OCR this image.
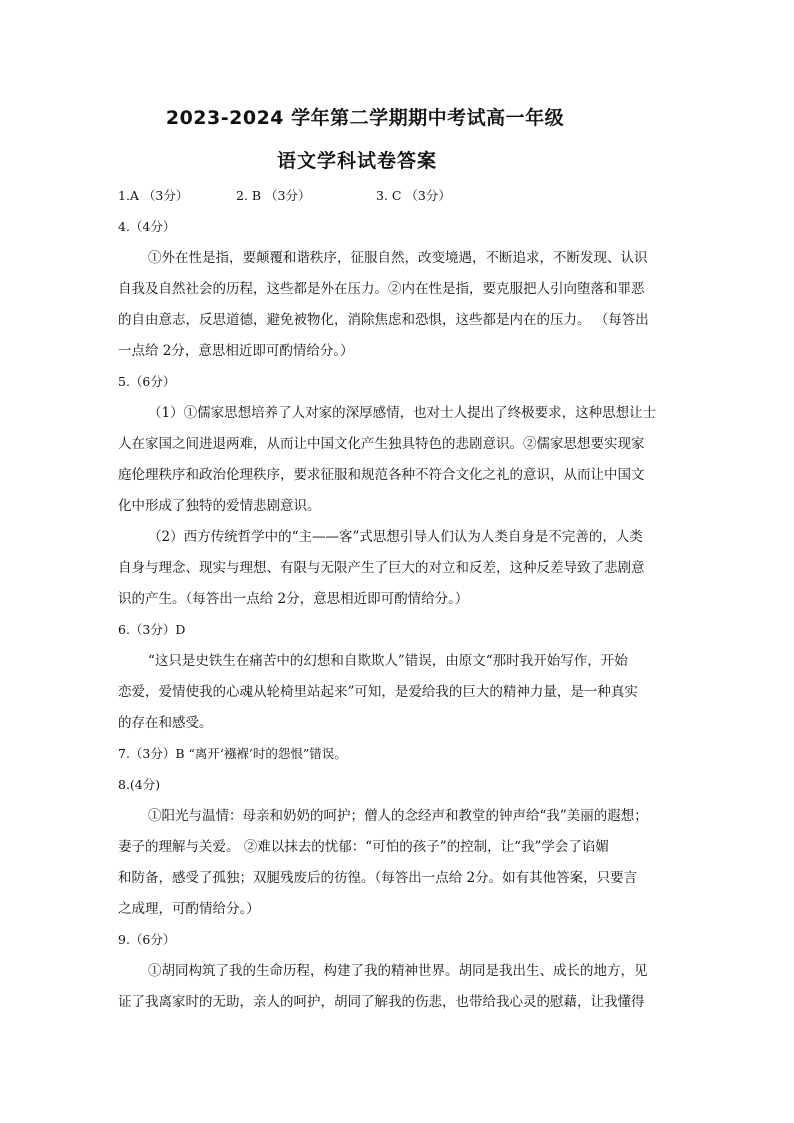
2023-2024 学年第二学期期中考试高一年级
语文学科试卷答案
1.A （3分）	2. B （3分）	3. C （3分）
4.（4分）
①外在性是指，要颠覆和谐秩序，征服自然，改变境遇，不断追求，不断发现、认识
自我及自然社会的历程，这些都是外在压力。②内在性是指，要克服把人引向堕落和罪恶
的自由意志，反思道德，避免被物化，消除焦虑和恐惧，这些都是内在的压力。 （每答出
一点给 2分，意思相近即可酌情给分。）
5.（6分）
（1）①儒家思想培养了人对家的深厚感情，也对士人提出了终极要求，这种思想让士
人在家国之间进退两难，从而让中国文化产生独具特色的悲剧意识。②儒家思想要实现家
庭伦理秩序和政治伦理秩序，要求征服和规范各种不符合文化之礼的意识，从而让中国文
化中形成了独特的爱情悲剧意识。
（2）西方传统哲学中的“主——客”式思想引导人们认为人类自身是不完善的，人类
自身与理念、现实与理想、有限与无限产生了巨大的对立和反差，这种反差导致了悲剧意
识的产生。（每答出一点给 2分，意思相近即可酌情给分。）
6.（3分）D
“这只是史铁生在痛苦中的幻想和自欺欺人”错误，由原文“那时我开始写作，开始
恋爱，爱情使我的心魂从轮椅里站起来”可知，是爱给我的巨大的精神力量，是一种真实
的存在和感受。
7.（3分）B “离开‘襁褓’时的怨恨”错误。
8.(4分)
①阳光与温情：母亲和奶奶的呵护；僧人的念经声和教堂的钟声给“我”美丽的遐想；
妻子的理解与关爱。 ②难以抹去的忧郁：“可怕的孩子”的控制，让“我”学会了谄媚
和防备，感受了孤独；双腿残废后的彷徨。（每答出一点给 2分。如有其他答案，只要言
之成理，可酌情给分。）
9.（6分）
①胡同构筑了我的生命历程，构建了我的精神世界。胡同是我出生、成长的地方，见
证了我离家时的无助，亲人的呵护，胡同了解我的伤悲，也带给我心灵的慰藉，让我懂得
